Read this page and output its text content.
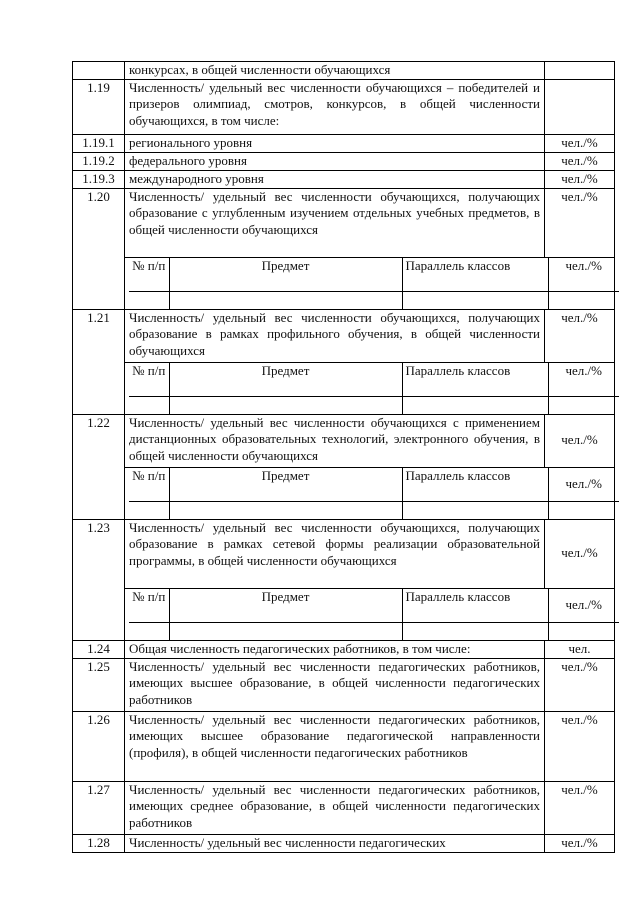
	конкурсах, в общей численности обучающихся	
1.19	Численность/ удельный вес численности обучающихся – победителей и призеров олимпиад, смотров, конкурсов, в общей численности обучающихся, в том числе:	
1.19.1	регионального уровня	чел./%
1.19.2	федерального уровня	чел./%
1.19.3	международного уровня	чел./%
1.20	Численность/ удельный вес численности обучающихся, получающих образование с углубленным изучением отдельных учебных предметов, в общей численности обучающихся	чел./%

№ п/п	Предмет	Параллель классов	чел./%

1.21	Численность/ удельный вес численности обучающихся, получающих образование в рамках профильного обучения, в общей численности обучающихся	чел./%

№ п/п	Предмет	Параллель классов	чел./%

1.22	Численность/ удельный вес численности обучающихся с применением дистанционных образовательных технологий, электронного обучения, в общей численности обучающихся	чел./%

№ п/п	Предмет	Параллель классов	чел./%

1.23	Численность/ удельный вес численности обучающихся, получающих образование в рамках сетевой формы реализации образовательной программы, в общей численности обучающихся	чел./%

№ п/п	Предмет	Параллель классов	чел./%

1.24	Общая численность педагогических работников, в том числе:	чел.
1.25	Численность/ удельный вес численности педагогических работников, имеющих высшее образование, в общей численности педагогических работников	чел./%
1.26	Численность/ удельный вес численности педагогических работников, имеющих высшее образование педагогической направленности (профиля), в общей численности педагогических работников	чел./%
1.27	Численность/ удельный вес численности педагогических работников, имеющих среднее образование, в общей численности педагогических работников	чел./%
1.28	Численность/ удельный вес численности педагогических	чел./%
